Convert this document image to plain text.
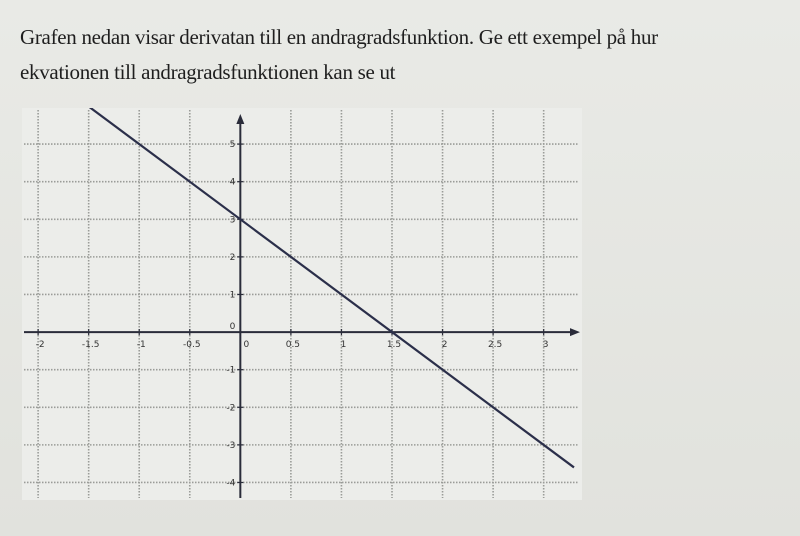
Grafen nedan visar derivatan till en andragradsfunktion. Ge ett exempel på hur

ekvationen till andragradsfunktionen kan se ut

-2	-1.5	-1	-0.5	0.5	1	1.5	2	2.5	3
-4
-3
-2
-1
1
2
3
4
5
0
0
